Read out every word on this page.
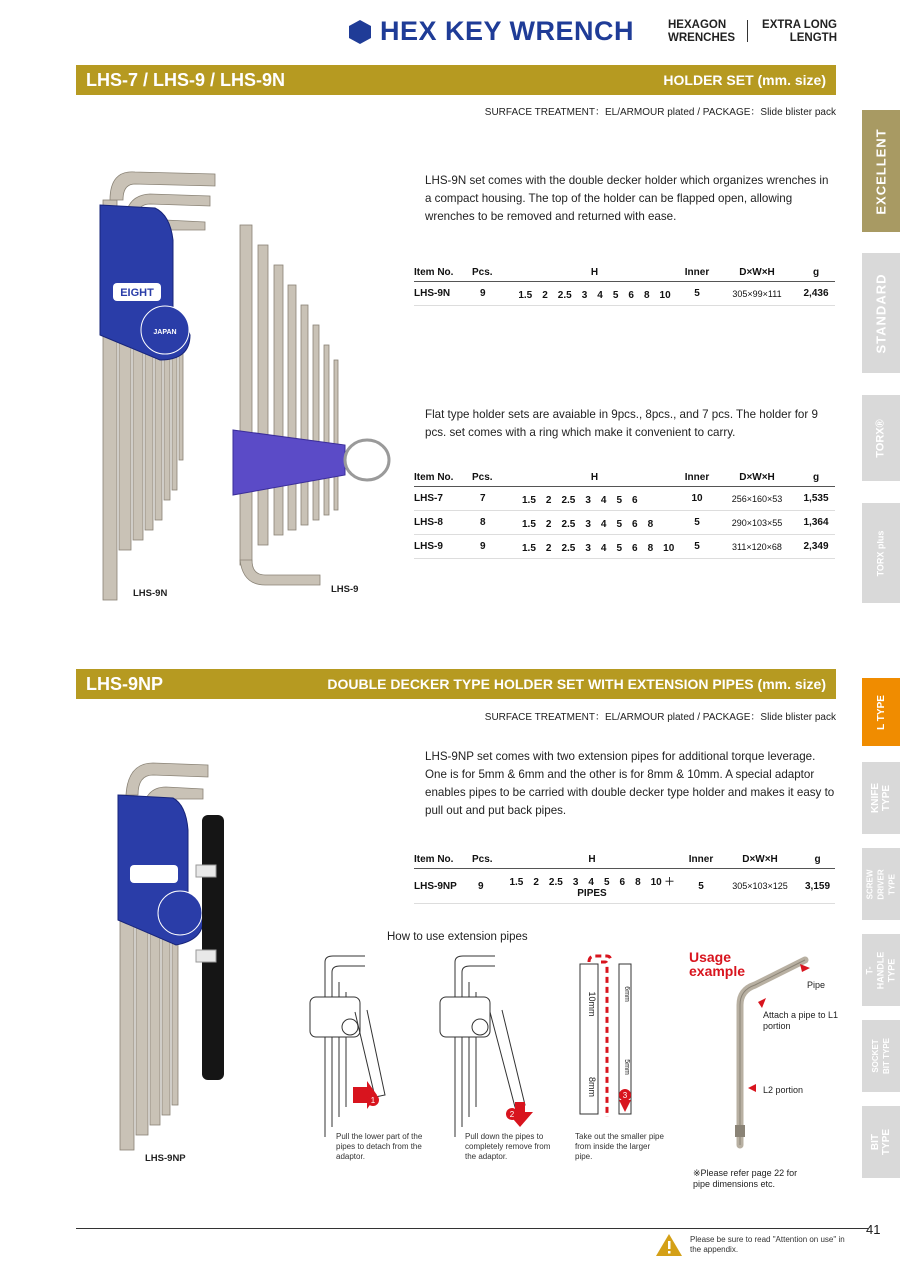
HEX KEY WRENCH	HEXAGON
WRENCHES
EXTRA LONG
LENGTH
LHS-7 / LHS-9 / LHS-9N	HOLDER SET (mm. size)
SURFACE TREATMENT：EL/ARMOUR plated / PACKAGE：Slide blister pack
EIGHT
JAPAN
LHS-9N	LHS-9
LHS-9N set comes with the double decker holder which organizes wrenches in a compact housing. The top of the holder can be flapped open, allowing wrenches to be removed and returned with ease.
Item No.	Pcs.	H	Inner	D×W×H	g
LHS-9N	9	1.5　2　2.5　3　4　5　6　8　10	5	305×99×111	2,436
Flat type holder sets are avaiable in 9pcs., 8pcs., and 7 pcs. The holder for 9 pcs. set comes with a ring which make it convenient to carry.
Item No.	Pcs.	H	Inner	D×W×H	g
LHS-7	7	1.5　2　2.5　3　4　5　6	10	256×160×53	1,535
LHS-8	8	1.5　2　2.5　3　4　5　6　8	5	290×103×55	1,364
LHS-9	9	1.5　2　2.5　3　4　5　6　8　10	5	311×120×68	2,349
LHS-9NP	DOUBLE DECKER TYPE HOLDER SET WITH EXTENSION PIPES (mm. size)
SURFACE TREATMENT：EL/ARMOUR plated / PACKAGE：Slide blister pack
LHS-9NP
LHS-9NP set comes with two extension pipes for additional torque leverage. One is for 5mm & 6mm and the other is for 8mm & 10mm. A special adaptor enables pipes to be carried with double decker type holder and makes it easy to pull out and put back pipes.
Item No.	Pcs.	H	Inner	D×W×H	g
LHS-9NP	9	1.5　2　2.5　3　4　5　6　8　10 ＋ PIPES	5	305×103×125	3,159
How to use extension pipes
1
2
3
10mm
8mm
6mm
5mm
Pull the lower part of the pipes to detach from the adaptor.
Pull down the pipes to completely remove from the adaptor.
Take out the smaller pipe from inside the larger pipe.
Usage
example
Pipe
Attach a pipe to L1 portion
L2 portion
※Please refer page 22 for pipe dimensions etc.
EXCELLENT
STANDARD
TORX®
TORX plus
L TYPE
KNIFE TYPE
SCREW DRIVER TYPE
T-HANDLE TYPE
SOCKET BIT TYPE
BIT TYPE
41
Please be sure to read "Attention on use" in the appendix.
